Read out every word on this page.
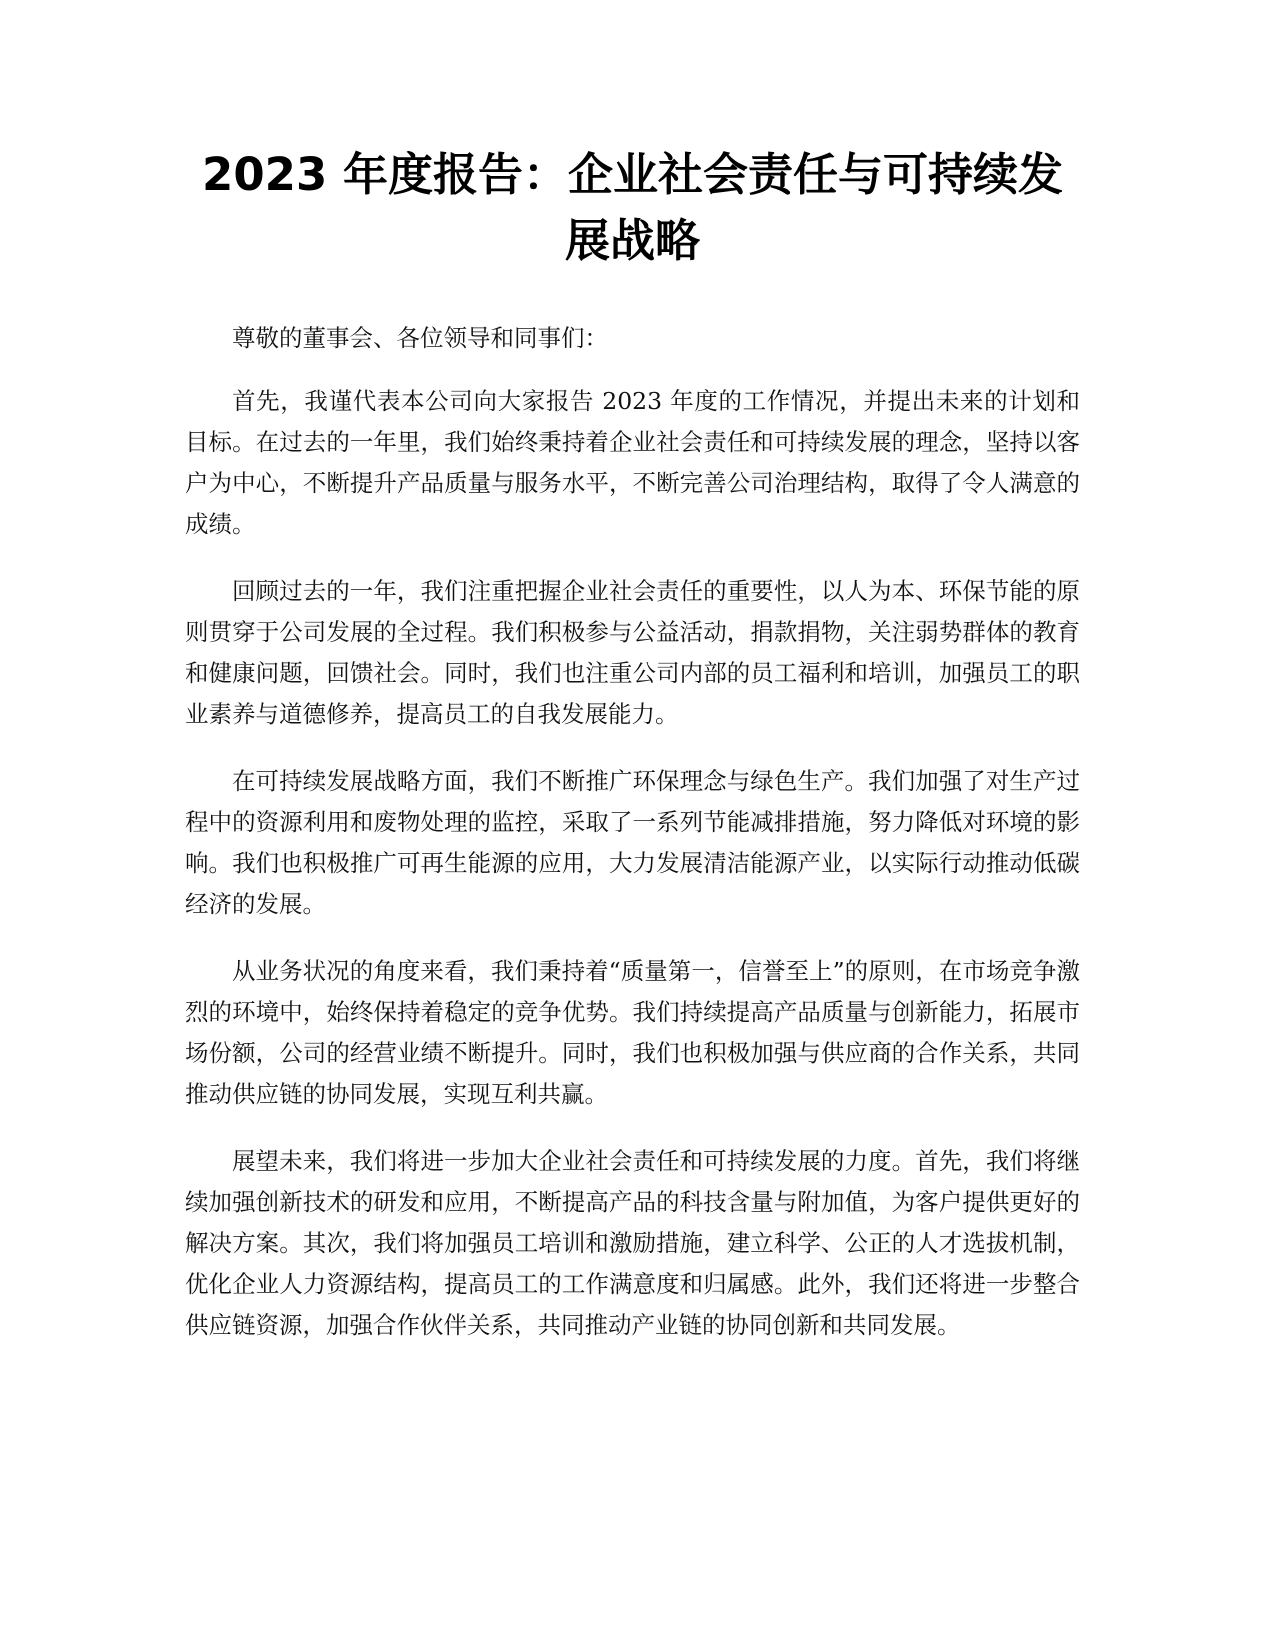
2023 年度报告：企业社会责任与可持续发展战略

尊敬的董事会、各位领导和同事们：

首先，我谨代表本公司向大家报告 2023 年度的工作情况，并提出未来的计划和目标。在过去的一年里，我们始终秉持着企业社会责任和可持续发展的理念，坚持以客户为中心，不断提升产品质量与服务水平，不断完善公司治理结构，取得了令人满意的成绩。

回顾过去的一年，我们注重把握企业社会责任的重要性，以人为本、环保节能的原则贯穿于公司发展的全过程。我们积极参与公益活动，捐款捐物，关注弱势群体的教育和健康问题，回馈社会。同时，我们也注重公司内部的员工福利和培训，加强员工的职业素养与道德修养，提高员工的自我发展能力。

在可持续发展战略方面，我们不断推广环保理念与绿色生产。我们加强了对生产过程中的资源利用和废物处理的监控，采取了一系列节能减排措施，努力降低对环境的影响。我们也积极推广可再生能源的应用，大力发展清洁能源产业，以实际行动推动低碳经济的发展。

从业务状况的角度来看，我们秉持着“质量第一，信誉至上”的原则，在市场竞争激烈的环境中，始终保持着稳定的竞争优势。我们持续提高产品质量与创新能力，拓展市场份额，公司的经营业绩不断提升。同时，我们也积极加强与供应商的合作关系，共同推动供应链的协同发展，实现互利共赢。

展望未来，我们将进一步加大企业社会责任和可持续发展的力度。首先，我们将继续加强创新技术的研发和应用，不断提高产品的科技含量与附加值，为客户提供更好的解决方案。其次，我们将加强员工培训和激励措施，建立科学、公正的人才选拔机制，优化企业人力资源结构，提高员工的工作满意度和归属感。此外，我们还将进一步整合供应链资源，加强合作伙伴关系，共同推动产业链的协同创新和共同发展。
